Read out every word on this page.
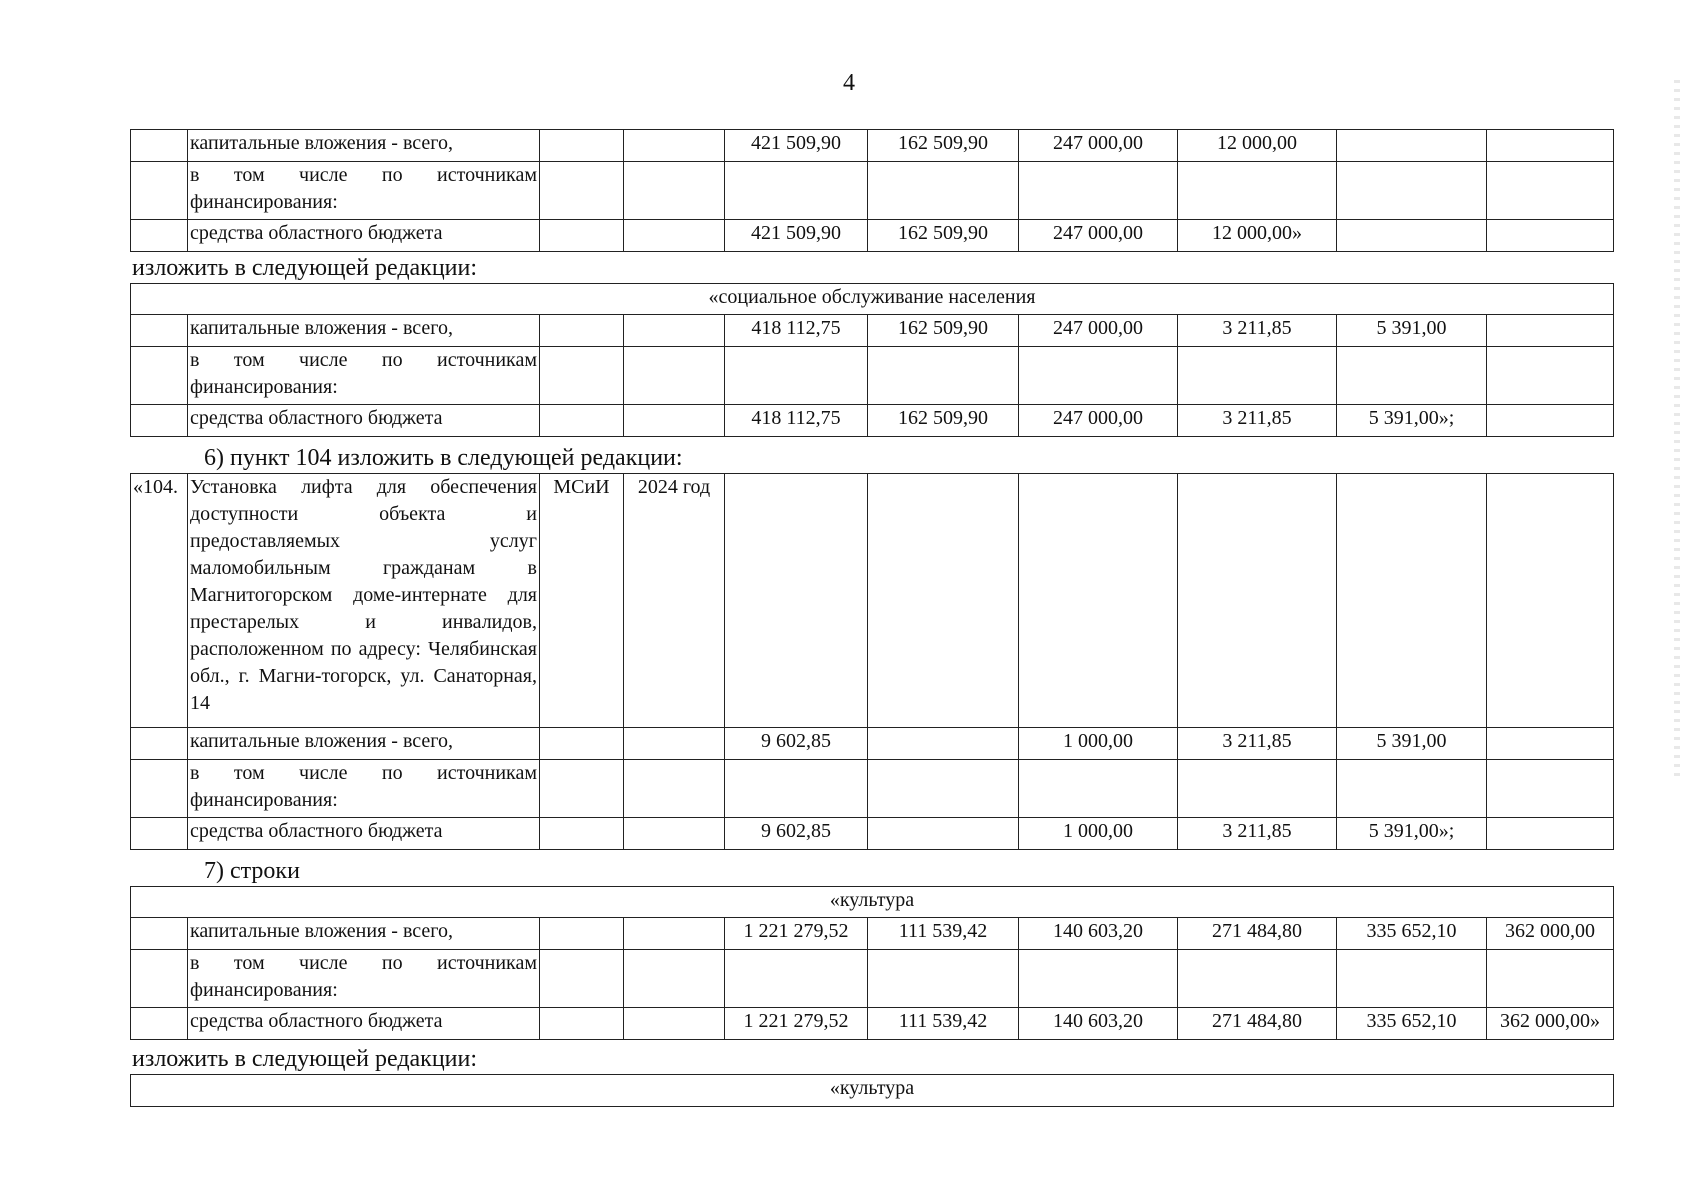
4
	капитальные вложения - всего,			421 509,90	162 509,90	247 000,00	12 000,00		
	в том числе по источникам финансирования:								
	средства областного бюджета			421 509,90	162 509,90	247 000,00	12 000,00»		
изложить в следующей редакции:
«социальное обслуживание населения									
	капитальные вложения - всего,			418 112,75	162 509,90	247 000,00	3 211,85	5 391,00	
	в том числе по источникам финансирования:								
	средства областного бюджета			418 112,75	162 509,90	247 000,00	3 211,85	5 391,00»;	
6) пункт 104 изложить в следующей редакции:
«104.	Установка лифта для обеспечения доступности объекта и предоставляемых услуг маломобильным гражданам в Магнитогорском доме-интернате для престарелых и инвалидов, расположенном по адресу: Челябинская обл., г. Магни-тогорск, ул. Санаторная, 14	МСиИ	2024 год						
	капитальные вложения - всего,			9 602,85		1 000,00	3 211,85	5 391,00	
	в том числе по источникам финансирования:								
	средства областного бюджета			9 602,85		1 000,00	3 211,85	5 391,00»;	
7) строки
«культура									
	капитальные вложения - всего,			1 221 279,52	111 539,42	140 603,20	271 484,80	335 652,10	362 000,00
	в том числе по источникам финансирования:								
	средства областного бюджета			1 221 279,52	111 539,42	140 603,20	271 484,80	335 652,10	362 000,00»
изложить в следующей редакции:
«культура
